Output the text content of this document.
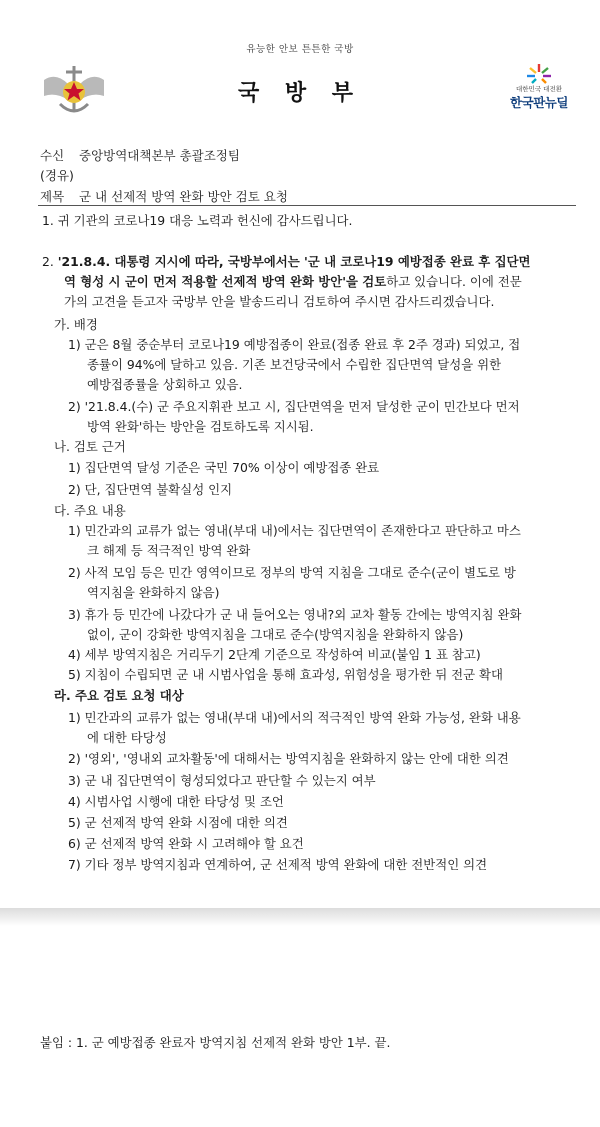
유능한 안보 튼튼한 국방
국 방 부	대한민국 대전환
한국판뉴딜
수신 중앙방역대책본부 총괄조정팀
(경유)
제목 군 내 선제적 방역 완화 방안 검토 요청
1. 귀 기관의 코로나19 대응 노력과 헌신에 감사드립니다.
2. '21.8.4. 대통령 지시에 따라, 국방부에서는 '군 내 코로나19 예방접종 완료 후 집단면
역 형성 시 군이 먼저 적용할 선제적 방역 완화 방안'을 검토하고 있습니다. 이에 전문
가의 고견을 듣고자 국방부 안을 발송드리니 검토하여 주시면 감사드리겠습니다.
가. 배경
1) 군은 8월 중순부터 코로나19 예방접종이 완료(접종 완료 후 2주 경과) 되었고, 접
종률이 94%에 달하고 있음. 기존 보건당국에서 수립한 집단면역 달성을 위한
예방접종률을 상회하고 있음.
2) '21.8.4.(수) 군 주요지휘관 보고 시, 집단면역을 먼저 달성한 군이 민간보다 먼저
방역 완화'하는 방안을 검토하도록 지시됨.
나. 검토 근거
1) 집단면역 달성 기준은 국민 70% 이상이 예방접종 완료
2) 단, 집단면역 불확실성 인지
다. 주요 내용
1) 민간과의 교류가 없는 영내(부대 내)에서는 집단면역이 존재한다고 판단하고 마스
크 해제 등 적극적인 방역 완화
2) 사적 모임 등은 민간 영역이므로 정부의 방역 지침을 그대로 준수(군이 별도로 방
역지침을 완화하지 않음)
3) 휴가 등 민간에 나갔다가 군 내 들어오는 영내?외 교차 활동 간에는 방역지침 완화
없이, 군이 강화한 방역지침을 그대로 준수(방역지침을 완화하지 않음)
4) 세부 방역지침은 거리두기 2단계 기준으로 작성하여 비교(붙임 1 표 참고)
5) 지침이 수립되면 군 내 시범사업을 통해 효과성, 위험성을 평가한 뒤 전군 확대
라. 주요 검토 요청 대상
1) 민간과의 교류가 없는 영내(부대 내)에서의 적극적인 방역 완화 가능성, 완화 내용
에 대한 타당성
2) '영외', '영내외 교차활동'에 대해서는 방역지침을 완화하지 않는 안에 대한 의견
3) 군 내 집단면역이 형성되었다고 판단할 수 있는지 여부
4) 시범사업 시행에 대한 타당성 및 조언
5) 군 선제적 방역 완화 시점에 대한 의견
6) 군 선제적 방역 완화 시 고려해야 할 요건
7) 기타 정부 방역지침과 연계하여, 군 선제적 방역 완화에 대한 전반적인 의견
붙임 : 1. 군 예방접종 완료자 방역지침 선제적 완화 방안 1부. 끝.
